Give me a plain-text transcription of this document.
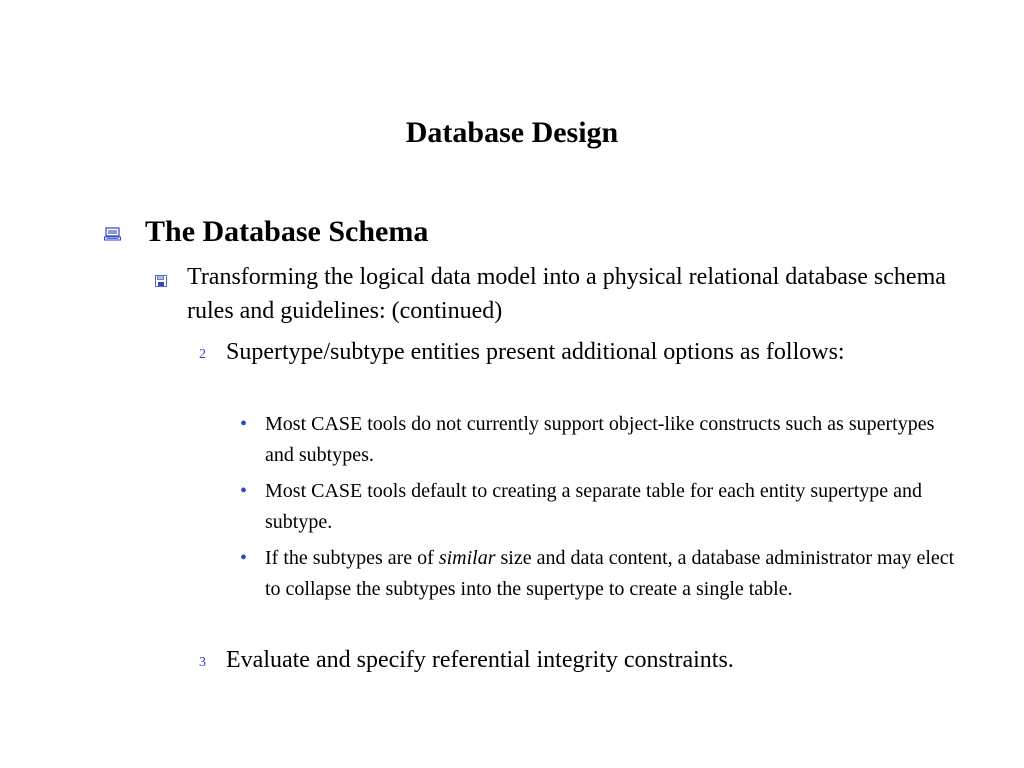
Database Design
The Database Schema
Transforming the logical data model into a physical relational database schema rules and guidelines: (continued)
2 Supertype/subtype entities present additional options as follows:
• Most CASE tools do not currently support object-like constructs such as supertypes and subtypes.
• Most CASE tools default to creating a separate table for each entity supertype and subtype.
• If the subtypes are of similar size and data content, a database administrator may elect to collapse the subtypes into the supertype to create a single table.
3 Evaluate and specify referential integrity constraints.
